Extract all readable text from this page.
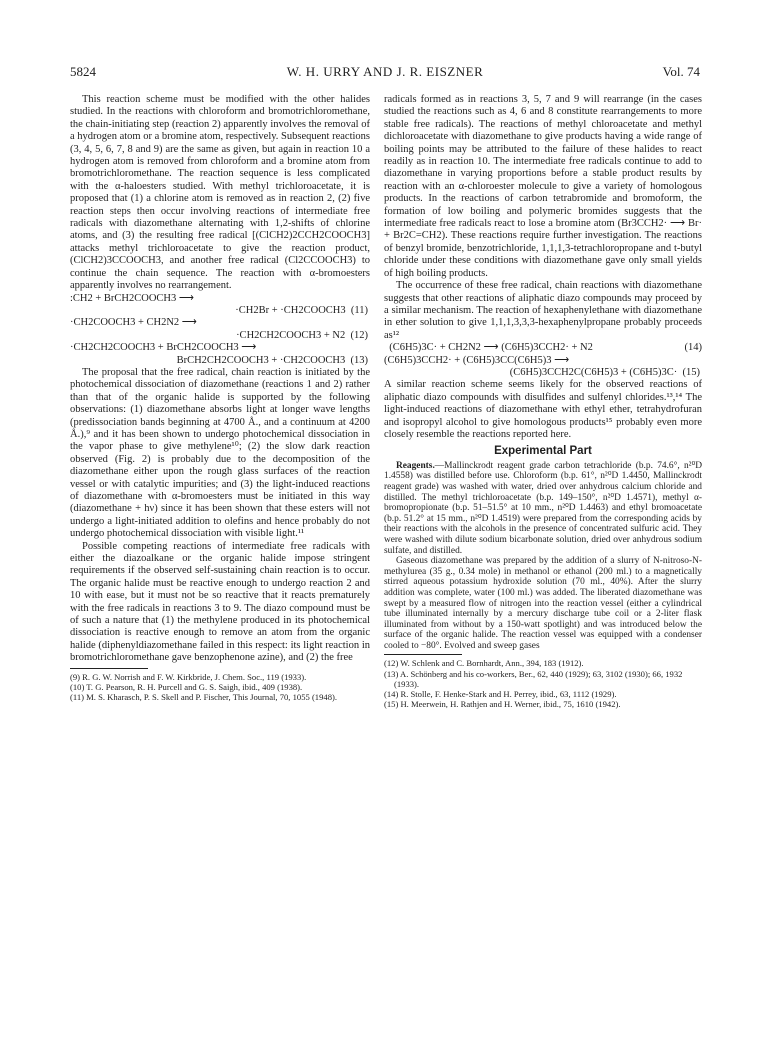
5824	W. H. URRY AND J. R. EISZNER	Vol. 74

This reaction scheme must be modified with the other halides studied. In the reactions with chloroform and bromotrichloromethane, the chain-initiating step (reaction 2) apparently involves the removal of a hydrogen atom or a bromine atom, respectively. Subsequent reactions (3, 4, 5, 6, 7, 8 and 9) are the same as given, but again in reaction 10 a hydrogen atom is removed from chloroform and a bromine atom from bromotrichloromethane. The reaction sequence is less complicated with the α-haloesters studied. With methyl trichloroacetate, it is proposed that (1) a chlorine atom is removed as in reaction 2, (2) five reaction steps then occur involving reactions of intermediate free radicals with diazomethane alternating with 1,2-shifts of chlorine atoms, and (3) the resulting free radical [(ClCH2)2CCH2COOCH3] attacks methyl trichloroacetate to give the reaction product, (ClCH2)3CCOOCH3, and another free radical (Cl2CCOOCH3) to continue the chain sequence. The reaction with α-bromoesters apparently involves no rearrangement.

:CH2 + BrCH2COOCH3 ⟶

·CH2Br + ·CH2COOCH3 (11)

·CH2COOCH3 + CH2N2 ⟶

·CH2CH2COOCH3 + N2 (12)

·CH2CH2COOCH3 + BrCH2COOCH3 ⟶

BrCH2CH2COOCH3 + ·CH2COOCH3 (13)

The proposal that the free radical, chain reaction is initiated by the photochemical dissociation of diazomethane (reactions 1 and 2) rather than that of the organic halide is supported by the following observations: (1) diazomethane absorbs light at longer wave lengths (predissociation bands beginning at 4700 Å., and a continuum at 4200 Å.),⁹ and it has been shown to undergo photochemical dissociation in the vapor phase to give methylene¹⁰; (2) the slow dark reaction observed (Fig. 2) is probably due to the decomposition of the diazomethane either upon the rough glass surfaces of the reaction vessel or with catalytic impurities; and (3) the light-induced reactions of diazomethane with α-bromoesters must be initiated in this way (diazomethane + hν) since it has been shown that these esters will not undergo a light-initiated addition to olefins and hence probably do not undergo photochemical dissociation with visible light.¹¹

Possible competing reactions of intermediate free radicals with either the diazoalkane or the organic halide impose stringent requirements if the observed self-sustaining chain reaction is to occur. The organic halide must be reactive enough to undergo reaction 2 and 10 with ease, but it must not be so reactive that it reacts prematurely with the free radicals in reactions 3 to 9. The diazo compound must be of such a nature that (1) the methylene produced in its photochemical dissociation is reactive enough to remove an atom from the organic halide (diphenyldiazomethane failed in this respect: its light reaction in bromotrichloromethane gave benzophenone azine), and (2) the free

(9) R. G. W. Norrish and F. W. Kirkbride, J. Chem. Soc., 119 (1933).

(10) T. G. Pearson, R. H. Purcell and G. S. Saigh, ibid., 409 (1938).

(11) M. S. Kharasch, P. S. Skell and P. Fischer, This Journal, 70, 1055 (1948).

radicals formed as in reactions 3, 5, 7 and 9 will rearrange (in the cases studied the reactions such as 4, 6 and 8 constitute rearrangements to more stable free radicals). The reactions of methyl chloroacetate and methyl dichloroacetate with diazomethane to give products having a wide range of boiling points may be attributed to the failure of these halides to react readily as in reaction 10. The intermediate free radicals continue to add to diazomethane in varying proportions before a stable product results by reaction with an α-chloroester molecule to give a variety of homologous products. In the reactions of carbon tetrabromide and bromoform, the formation of low boiling and polymeric bromides suggests that the intermediate free radicals react to lose a bromine atom (Br3CCH2· ⟶ Br· + Br2C=CH2). These reactions require further investigation. The reactions of benzyl bromide, benzotrichloride, 1,1,1,3-tetrachloropropane and t-butyl chloride under these conditions with diazomethane gave only small yields of high boiling products.

The occurrence of these free radical, chain reactions with diazomethane suggests that other reactions of aliphatic diazo compounds may proceed by a similar mechanism. The reaction of hexaphenylethane with diazomethane in ether solution to give 1,1,1,3,3,3-hexaphenylpropane probably proceeds as¹²

(C6H5)3C· + CH2N2 ⟶ (C6H5)3CCH2· + N2	(14)

(C6H5)3CCH2· + (C6H5)3CC(C6H5)3 ⟶

(C6H5)3CCH2C(C6H5)3 + (C6H5)3C· (15)

A similar reaction scheme seems likely for the observed reactions of aliphatic diazo compounds with disulfides and sulfenyl chlorides.¹³,¹⁴ The light-induced reactions of diazomethane with ethyl ether, tetrahydrofuran and isopropyl alcohol to give homologous products¹⁵ probably even more closely resemble the reactions reported here.

Experimental Part

Reagents.—Mallinckrodt reagent grade carbon tetrachloride (b.p. 74.6°, n²⁰D 1.4558) was distilled before use. Chloroform (b.p. 61°, n²⁰D 1.4450, Mallinckrodt reagent grade) was washed with water, dried over anhydrous calcium chloride and distilled. The methyl trichloroacetate (b.p. 149–150°, n²⁰D 1.4571), methyl α-bromopropionate (b.p. 51–51.5° at 10 mm., n²⁰D 1.4463) and ethyl bromoacetate (b.p. 51.2° at 15 mm., n²⁰D 1.4519) were prepared from the corresponding acids by their reactions with the alcohols in the presence of concentrated sulfuric acid. They were washed with dilute sodium bicarbonate solution, dried over anhydrous sodium sulfate, and distilled.

Gaseous diazomethane was prepared by the addition of a slurry of N-nitroso-N-methylurea (35 g., 0.34 mole) in methanol or ethanol (200 ml.) to a magnetically stirred aqueous potassium hydroxide solution (70 ml., 40%). After the slurry addition was complete, water (100 ml.) was added. The liberated diazomethane was swept by a measured flow of nitrogen into the reaction vessel (either a cylindrical tube illuminated internally by a mercury discharge tube coil or a 2-liter flask illuminated from without by a 150-watt spotlight) and was introduced below the surface of the organic halide. The reaction vessel was equipped with a condenser cooled to −80°. Evolved and sweep gases

(12) W. Schlenk and C. Bornhardt, Ann., 394, 183 (1912).

(13) A. Schönberg and his co-workers, Ber., 62, 440 (1929); 63, 3102 (1930); 66, 1932 (1933).

(14) R. Stolle, F. Henke-Stark and H. Perrey, ibid., 63, 1112 (1929).

(15) H. Meerwein, H. Rathjen and H. Werner, ibid., 75, 1610 (1942).
